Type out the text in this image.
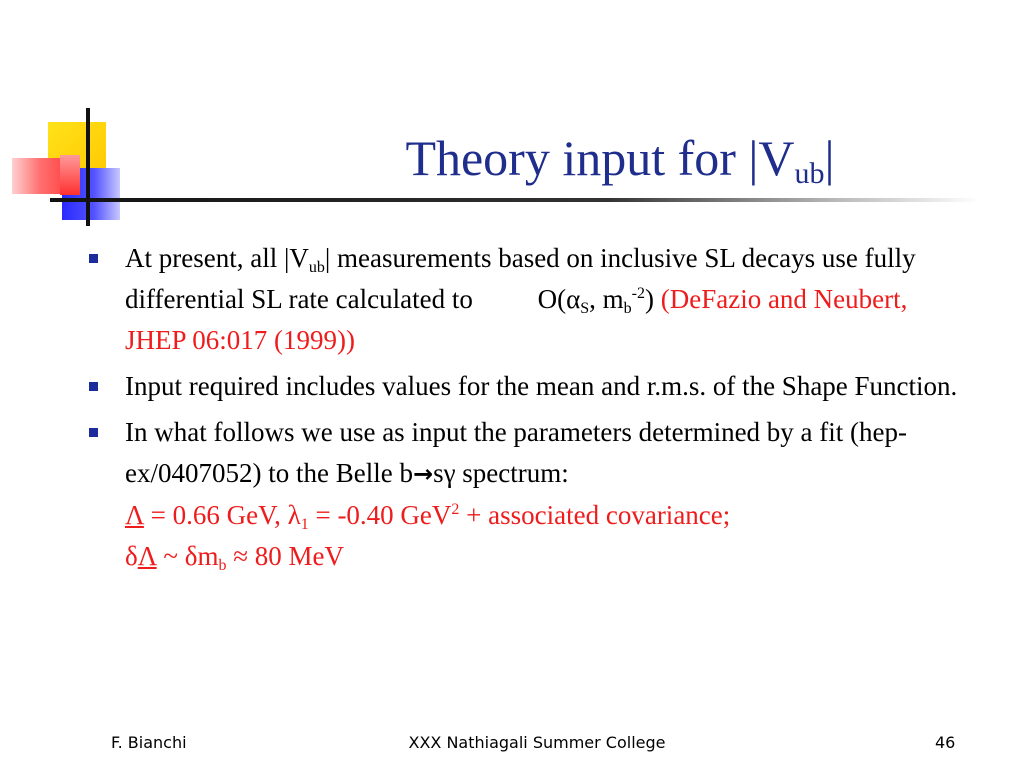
Theory input for $|V_{ub}|$
At present, all $|V_{ub}|$ measurements based on inclusive SL decays use fully differential SL rate calculated to $O(\alpha_S$, $m_b^{-2}$) (DeFazio and Neubert, JHEP 06:017 (1999))
Input required includes values for the mean and r.m.s. of the Shape Function.
In what follows we use as input the parameters determined by a fit (hep-ex/0407052) to the Belle b→sγ spectrum:
Λ = 0.66 GeV, $\lambda_1 = -0.40$ GeV$^2$ + associated covariance;
δΛ ~ $\delta m_b \approx 80$ MeV
F. Bianchi	XXX Nathiagali Summer College	46
